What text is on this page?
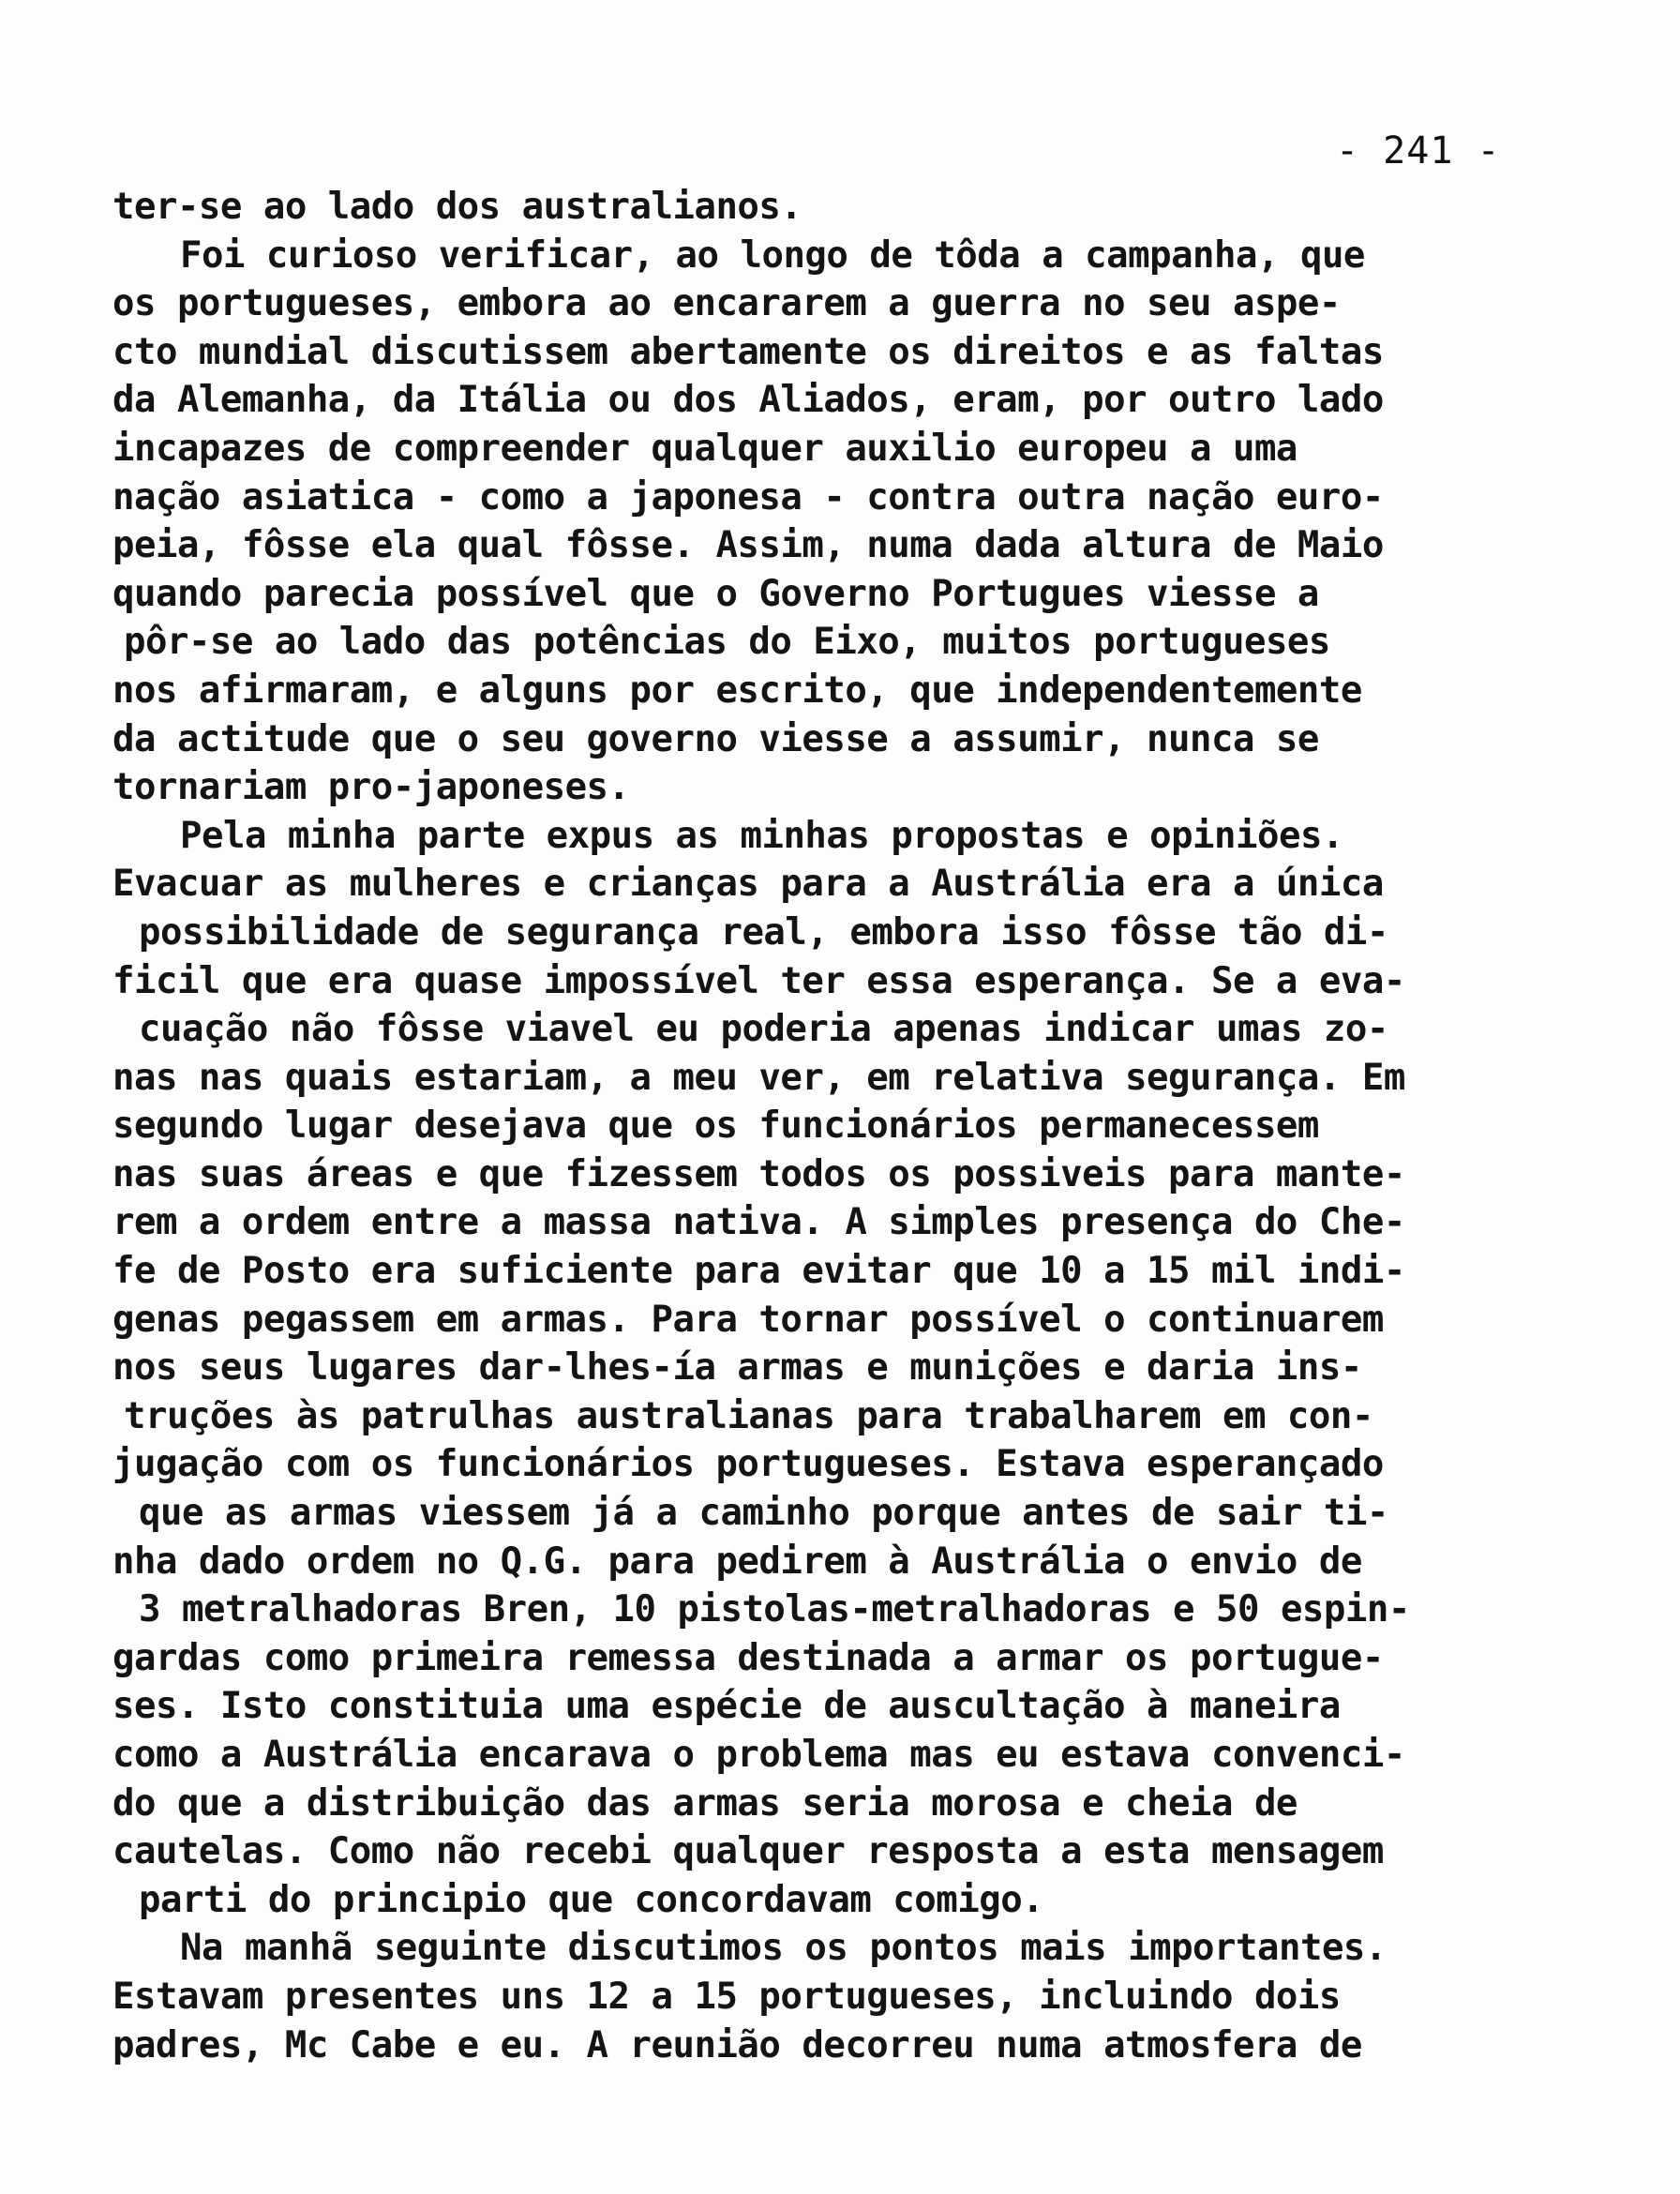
- 241 -
ter-se ao lado dos australianos.
Foi curioso verificar, ao longo de tôda a campanha, que
os portugueses, embora ao encararem a guerra no seu aspe-
cto mundial discutissem abertamente os direitos e as faltas
da Alemanha, da Itália ou dos Aliados, eram, por outro lado
incapazes de compreender qualquer auxilio europeu a uma
nação asiatica - como a japonesa - contra outra nação euro-
peia, fôsse ela qual fôsse. Assim, numa dada altura de Maio
quando parecia possível que o Governo Portugues viesse a
pôr-se ao lado das potências do Eixo, muitos portugueses
nos afirmaram, e alguns por escrito, que independentemente
da actitude que o seu governo viesse a assumir, nunca se
tornariam pro-japoneses.
Pela minha parte expus as minhas propostas e opiniões.
Evacuar as mulheres e crianças para a Austrália era a única
possibilidade de segurança real, embora isso fôsse tão di-
ficil que era quase impossível ter essa esperança. Se a eva-
cuação não fôsse viavel eu poderia apenas indicar umas zo-
nas nas quais estariam, a meu ver, em relativa segurança. Em
segundo lugar desejava que os funcionários permanecessem
nas suas áreas e que fizessem todos os possiveis para mante-
rem a ordem entre a massa nativa. A simples presença do Che-
fe de Posto era suficiente para evitar que 10 a 15 mil indi-
genas pegassem em armas. Para tornar possível o continuarem
nos seus lugares dar-lhes-ía armas e munições e daria ins-
truções às patrulhas australianas para trabalharem em con-
jugação com os funcionários portugueses. Estava esperançado
que as armas viessem já a caminho porque antes de sair ti-
nha dado ordem no Q.G. para pedirem à Austrália o envio de
3 metralhadoras Bren, 10 pistolas-metralhadoras e 50 espin-
gardas como primeira remessa destinada a armar os portugue-
ses. Isto constituia uma espécie de auscultação à maneira
como a Austrália encarava o problema mas eu estava convenci-
do que a distribuição das armas seria morosa e cheia de
cautelas. Como não recebi qualquer resposta a esta mensagem
parti do principio que concordavam comigo.
Na manhã seguinte discutimos os pontos mais importantes.
Estavam presentes uns 12 a 15 portugueses, incluindo dois
padres, Mc Cabe e eu. A reunião decorreu numa atmosfera de
